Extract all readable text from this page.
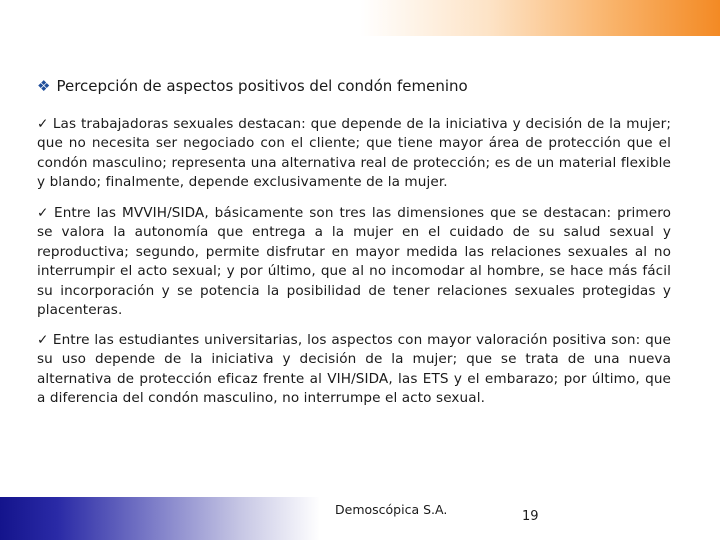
❖ Percepción de aspectos positivos del condón femenino

✓ Las trabajadoras sexuales destacan: que depende de la iniciativa y decisión de la mujer; que no necesita ser negociado con el cliente; que tiene mayor área de protección que el condón masculino; representa una alternativa real de protección; es de un material flexible y blando; finalmente, depende exclusivamente de la mujer.

✓ Entre las MVVIH/SIDA, básicamente son tres las dimensiones que se destacan: primero se valora la autonomía que entrega a la mujer en el cuidado de su salud sexual y reproductiva; segundo, permite disfrutar en mayor medida las relaciones sexuales al no interrumpir el acto sexual; y por último, que al no incomodar al hombre, se hace más fácil su incorporación y se potencia la posibilidad de tener relaciones sexuales protegidas y placenteras.

✓ Entre las estudiantes universitarias, los aspectos con mayor valoración positiva son: que su uso depende de la iniciativa y decisión de la mujer; que se trata de una nueva alternativa de protección eficaz frente al VIH/SIDA, las ETS y el embarazo; por último, que a diferencia del condón masculino, no interrumpe el acto sexual.

Demoscópica S.A.	19
